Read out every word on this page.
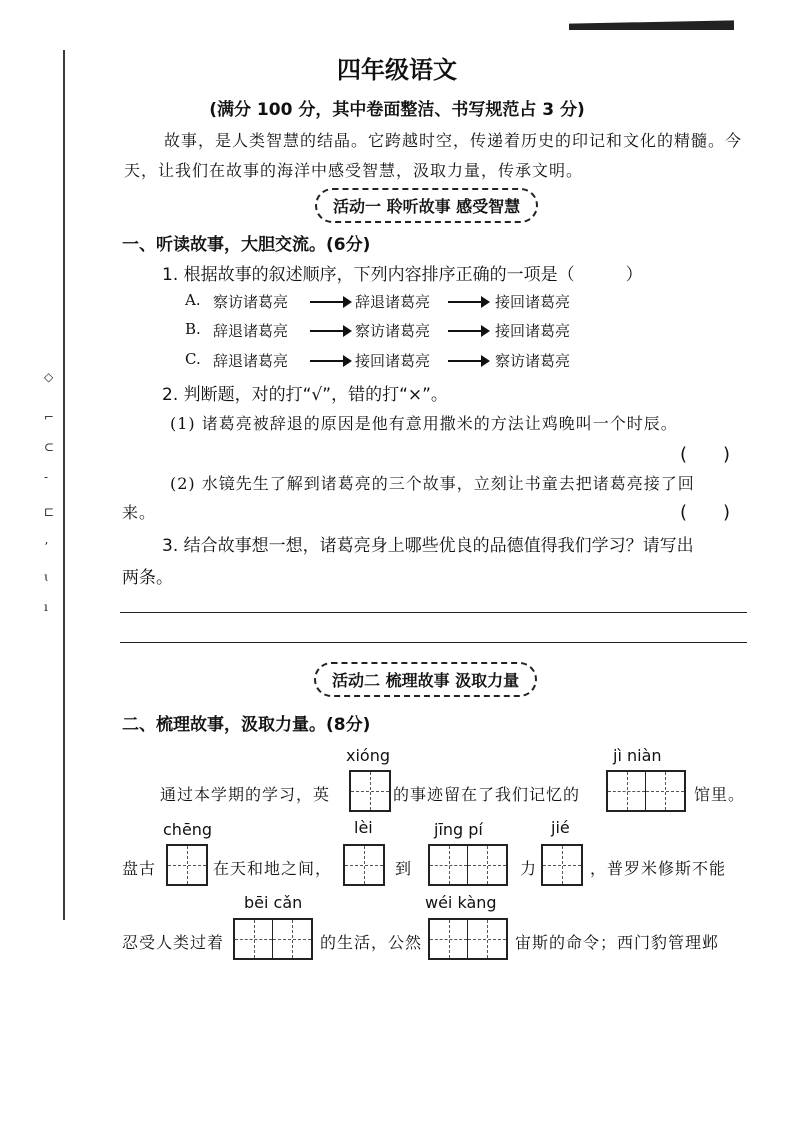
◇
⌐
⊂
-
⊏
ʼ
ɩ
ı
四年级语文
(满分 100 分，其中卷面整洁、书写规范占 3 分)
故事，是人类智慧的结晶。它跨越时空，传递着历史的印记和文化的精髓。今天，让我们在故事的海洋中感受智慧，汲取力量，传承文明。
活动一 聆听故事 感受智慧
一、听读故事，大胆交流。(6分)
1. 根据故事的叙述顺序，下列内容排序正确的一项是（　　　）
A. 察访诸葛亮	辞退诸葛亮	接回诸葛亮
B. 辞退诸葛亮	察访诸葛亮	接回诸葛亮
C. 辞退诸葛亮	接回诸葛亮	察访诸葛亮
2. 判断题，对的打“√”，错的打“×”。
(1) 诸葛亮被辞退的原因是他有意用撒米的方法让鸡晚叫一个时辰。
(　　)
(2) 水镜先生了解到诸葛亮的三个故事，立刻让书童去把诸葛亮接了回
来。	(　　)
3. 结合故事想一想，诸葛亮身上哪些优良的品德值得我们学习？请写出
两条。
活动二 梳理故事 汲取力量
二、梳理故事，汲取力量。(8分)
xióng	jì niàn
通过本学期的学习，英	的事迹留在了我们记忆的	馆里。
chēng	lèi	jīng pí	jié
盘古	在天和地之间，	到	力	，普罗米修斯不能
bēi cǎn	wéi kàng
忍受人类过着	的生活，公然	宙斯的命令；西门豹管理邺
